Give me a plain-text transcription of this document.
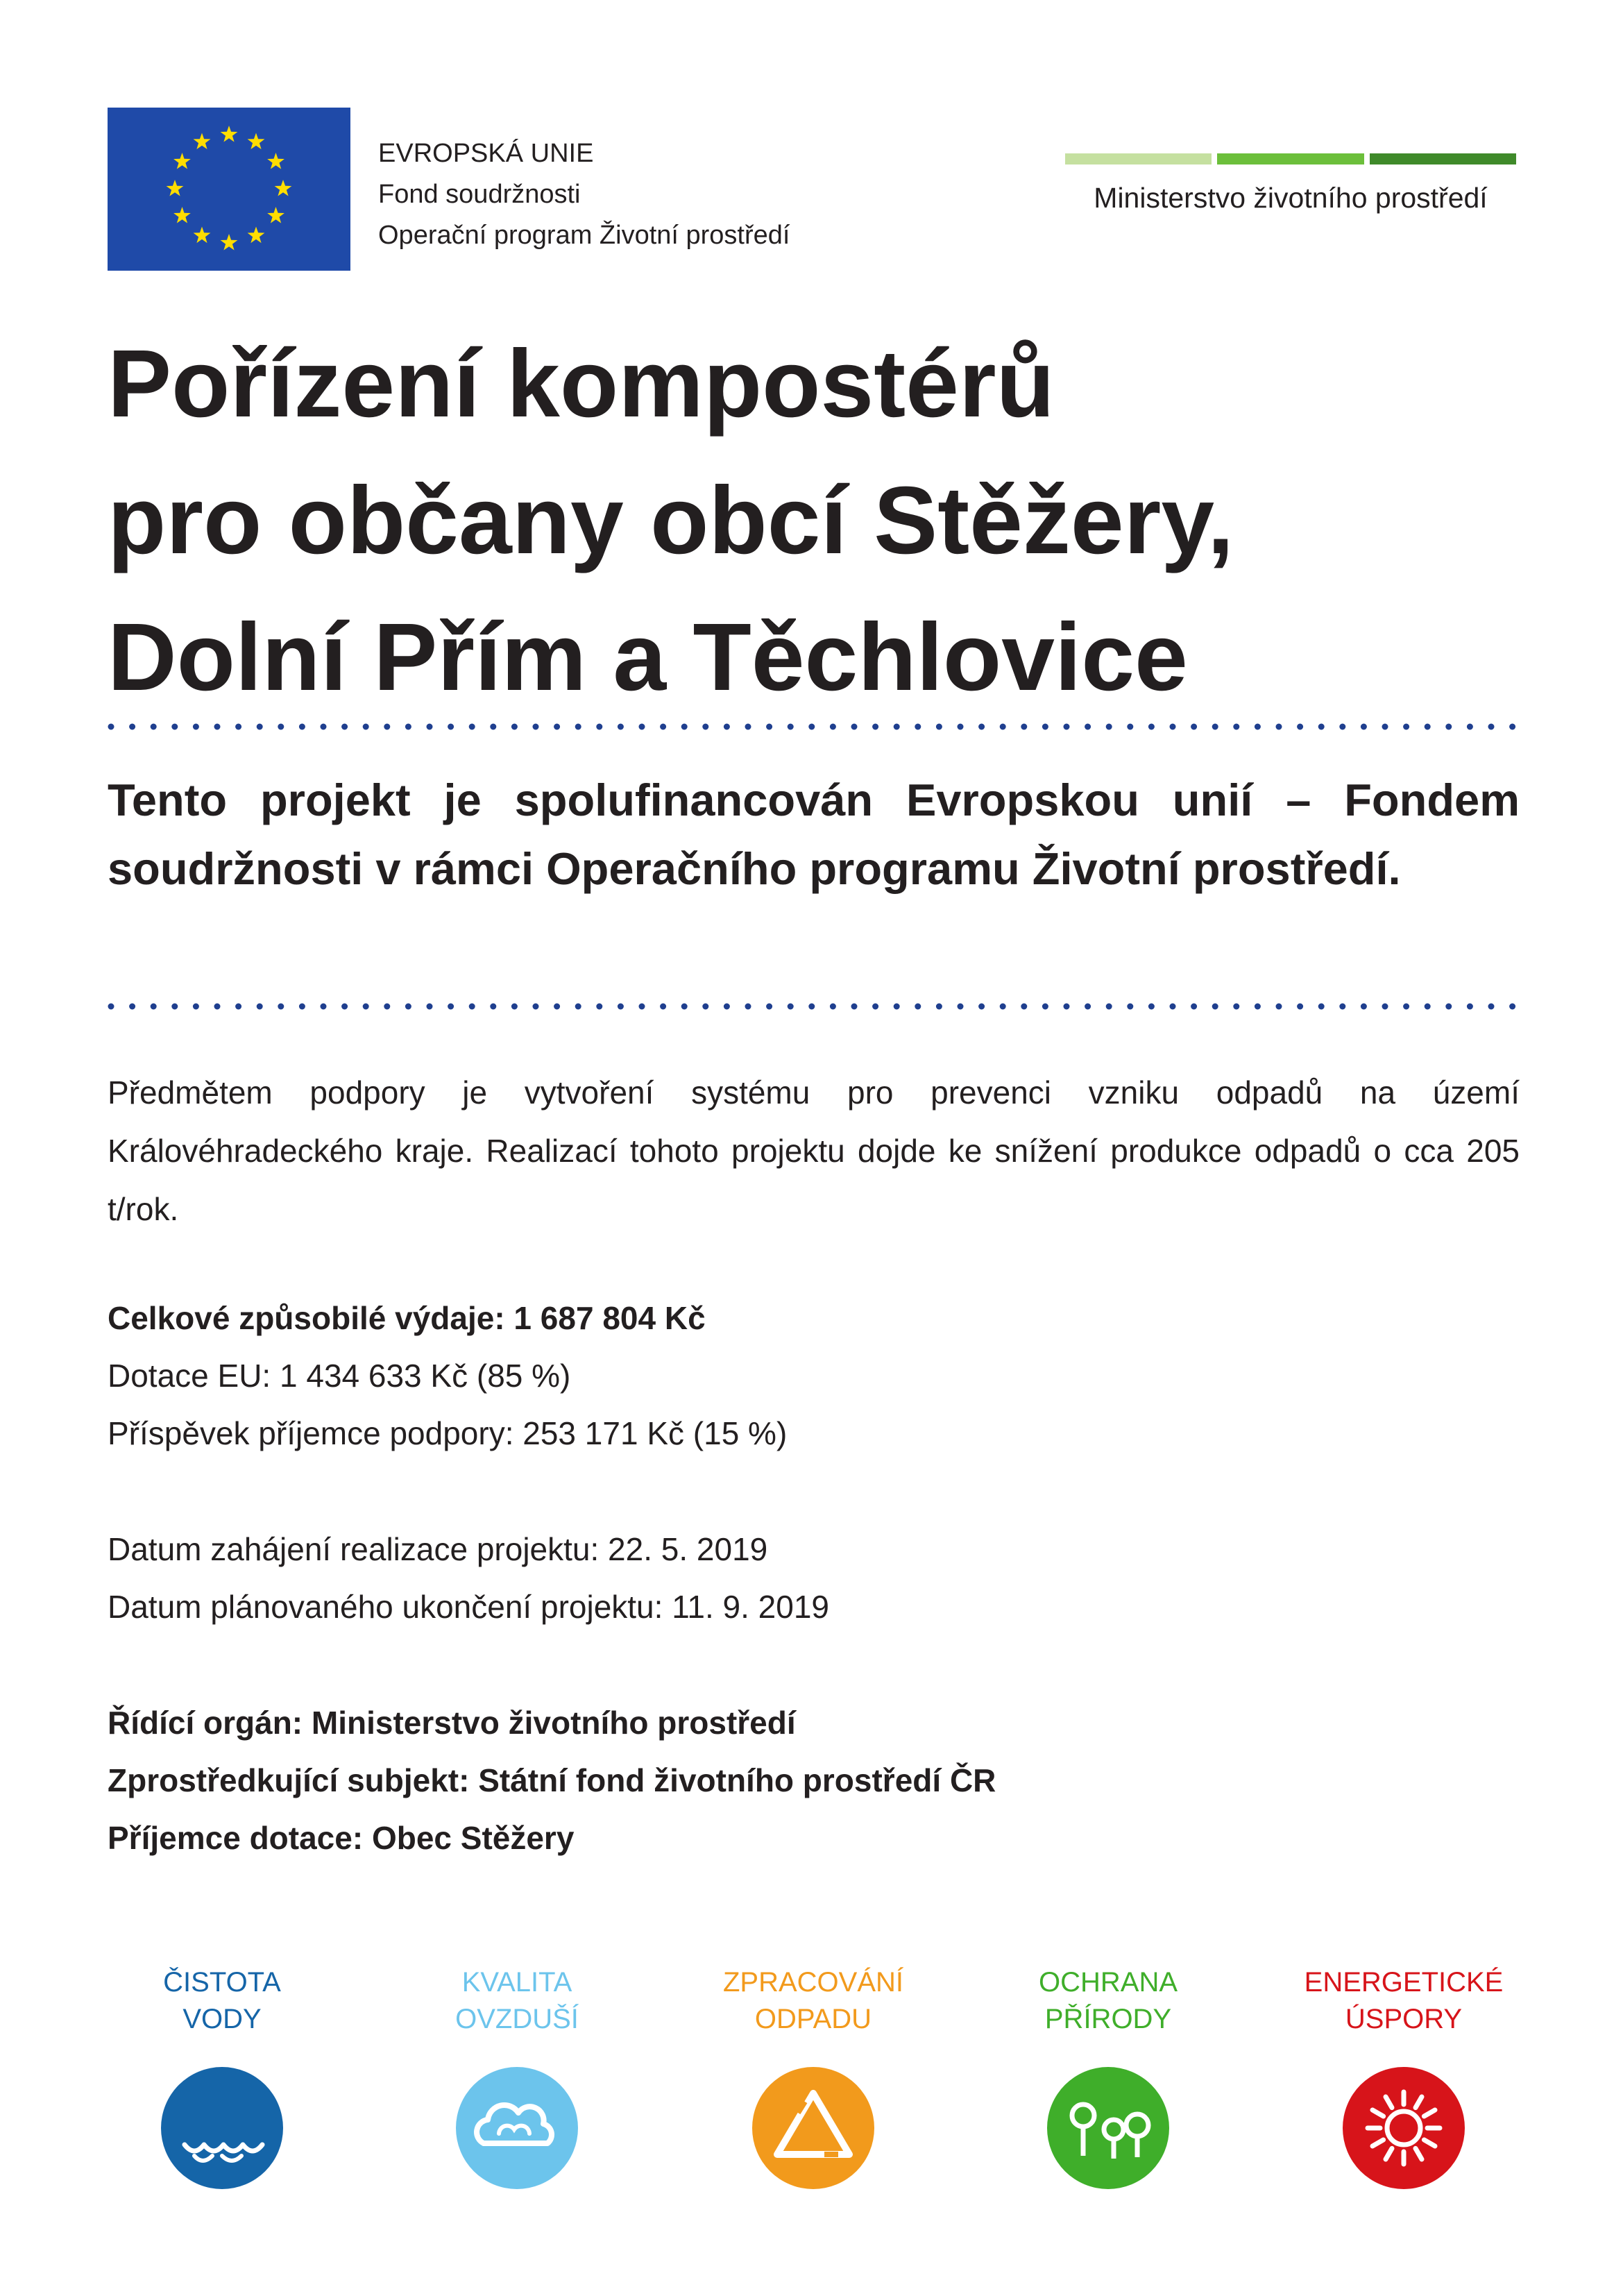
EVROPSKÁ UNIE
Fond soudržnosti
Operační program Životní prostředí
Ministerstvo životního prostředí
Pořízení kompostérů
pro občany obcí Stěžery,
Dolní Přím a Těchlovice
Tento projekt je spolufinancován Evropskou unií – Fondem soudržnosti v rámci Operačního programu Životní prostředí.
Předmětem podpory je vytvoření systému pro prevenci vzniku odpadů na území Královéhradeckého kraje. Realizací tohoto projektu dojde ke snížení produkce odpadů o cca 205 t/rok.
Celkové způsobilé výdaje: 1 687 804 Kč
Dotace EU: 1 434 633 Kč (85 %)
Příspěvek příjemce podpory: 253 171 Kč (15 %)
Datum zahájení realizace projektu: 22. 5. 2019
Datum plánovaného ukončení projektu: 11. 9. 2019
Řídící orgán: Ministerstvo životního prostředí
Zprostředkující subjekt: Státní fond životního prostředí ČR
Příjemce dotace: Obec Stěžery
ČISTOTA
VODY
KVALITA
OVZDUŠÍ
ZPRACOVÁNÍ
ODPADU
OCHRANA
PŘÍRODY
ENERGETICKÉ
ÚSPORY
